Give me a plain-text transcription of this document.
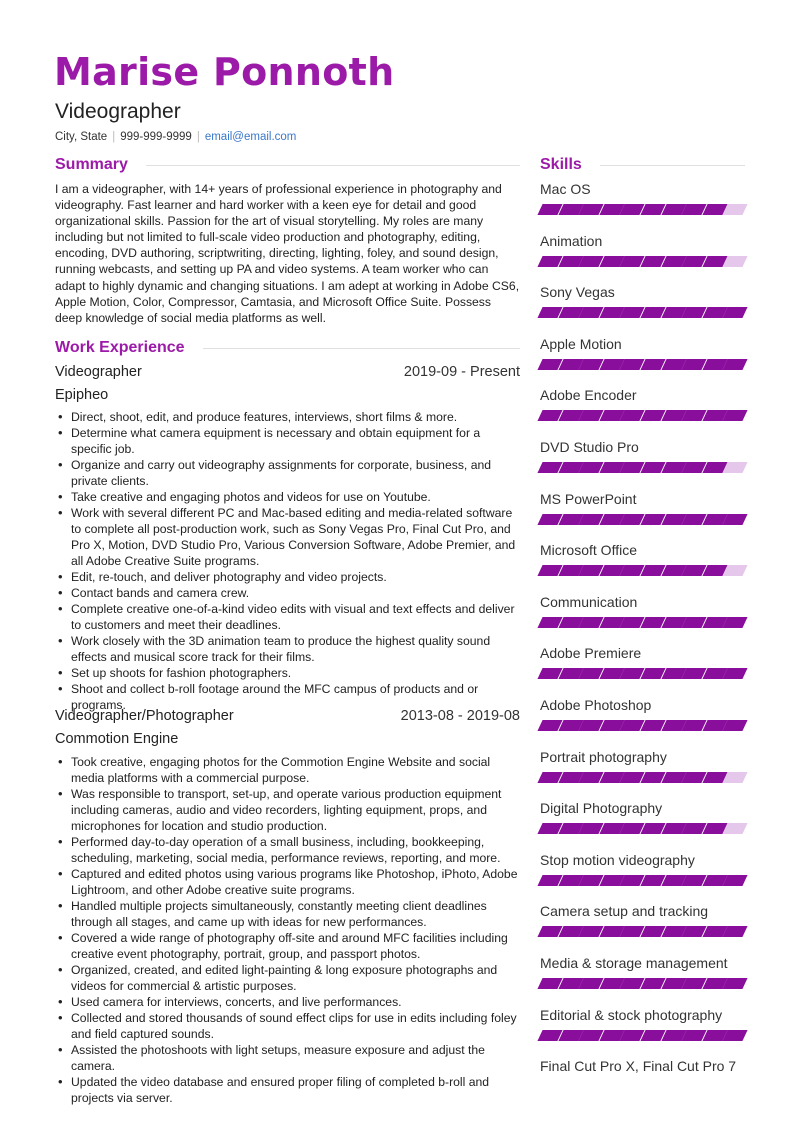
Marise Ponnoth
Videographer
City, State | 999-999-9999 | email@email.com
Summary

I am a videographer, with 14+ years of professional experience in photography and videography. Fast learner and hard worker with a keen eye for detail and good organizational skills. Passion for the art of visual storytelling. My roles are many including but not limited to full-scale video production and photography, editing, encoding, DVD authoring, scriptwriting, directing, lighting, foley, and sound design, running webcasts, and setting up PA and video systems. A team worker who can adapt to highly dynamic and changing situations. I am adept at working in Adobe CS6, Apple Motion, Color, Compressor, Camtasia, and Microsoft Office Suite. Possess deep knowledge of social media platforms as well.

Work Experience
Videographer	2019-09 - Present
Epipheo
• Direct, shoot, edit, and produce features, interviews, short films & more.
• Determine what camera equipment is necessary and obtain equipment for a specific job.
• Organize and carry out videography assignments for corporate, business, and private clients.
• Take creative and engaging photos and videos for use on Youtube.
• Work with several different PC and Mac-based editing and media-related software to complete all post-production work, such as Sony Vegas Pro, Final Cut Pro, and Pro X, Motion, DVD Studio Pro, Various Conversion Software, Adobe Premier, and all Adobe Creative Suite programs.
• Edit, re-touch, and deliver photography and video projects.
• Contact bands and camera crew.
• Complete creative one-of-a-kind video edits with visual and text effects and deliver to customers and meet their deadlines.
• Work closely with the 3D animation team to produce the highest quality sound effects and musical score track for their films.
• Set up shoots for fashion photographers.
• Shoot and collect b-roll footage around the MFC campus of products and or programs.
Videographer/Photographer	2013-08 - 2019-08
Commotion Engine
• Took creative, engaging photos for the Commotion Engine Website and social media platforms with a commercial purpose.
• Was responsible to transport, set-up, and operate various production equipment including cameras, audio and video recorders, lighting equipment, props, and microphones for location and studio production.
• Performed day-to-day operation of a small business, including, bookkeeping, scheduling, marketing, social media, performance reviews, reporting, and more.
• Captured and edited photos using various programs like Photoshop, iPhoto, Adobe Lightroom, and other Adobe creative suite programs.
• Handled multiple projects simultaneously, constantly meeting client deadlines through all stages, and came up with ideas for new performances.
• Covered a wide range of photography off-site and around MFC facilities including creative event photography, portrait, group, and passport photos.
• Organized, created, and edited light-painting & long exposure photographs and videos for commercial & artistic purposes.
• Used camera for interviews, concerts, and live performances.
• Collected and stored thousands of sound effect clips for use in edits including foley and field captured sounds.
• Assisted the photoshoots with light setups, measure exposure and adjust the camera.
• Updated the video database and ensured proper filing of completed b-roll and projects via server.
Skills
Mac OS
Animation
Sony Vegas
Apple Motion
Adobe Encoder
DVD Studio Pro
MS PowerPoint
Microsoft Office
Communication
Adobe Premiere
Adobe Photoshop
Portrait photography
Digital Photography
Stop motion videography
Camera setup and tracking
Media & storage management
Editorial & stock photography
Final Cut Pro X, Final Cut Pro 7
